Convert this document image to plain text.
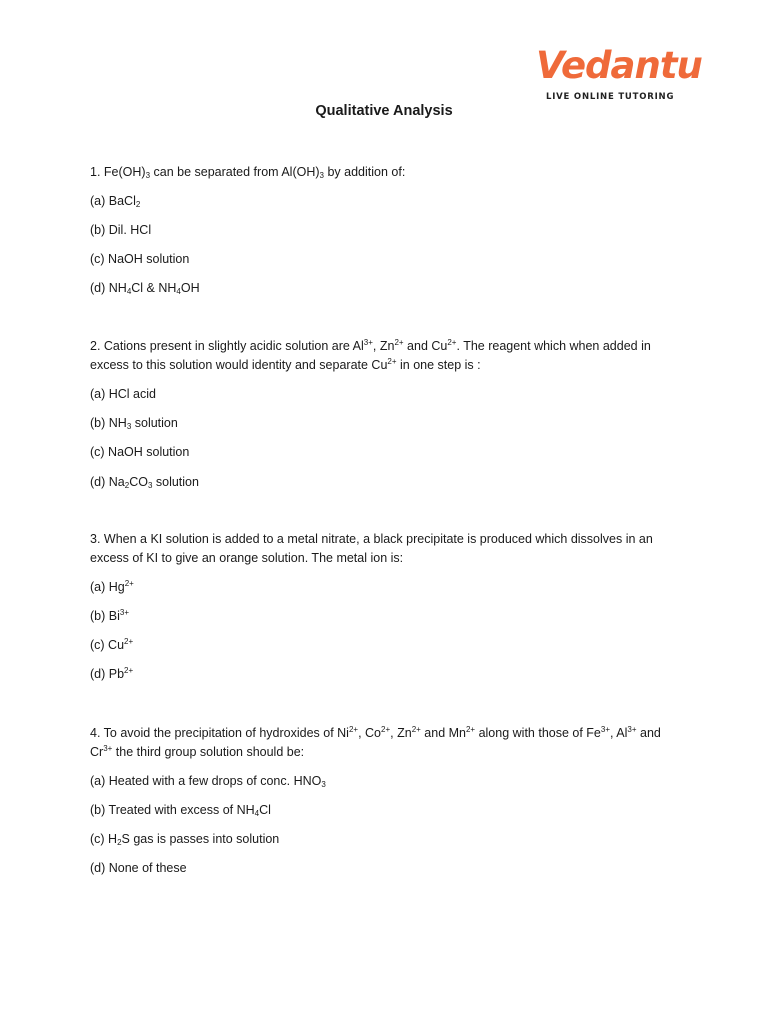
Vedantu
LIVE ONLINE TUTORING
Qualitative Analysis
1. $Fe(OH)_3$ can be separated from $Al(OH)_3$ by addition of:
(a) BaCl$_2$
(b) Dil. HCl
(c) NaOH solution
(d) $NH_4Cl$ & $NH_4OH$
2. Cations present in slightly acidic solution are $Al^{3+}$, $Zn^{2+}$ and $Cu^{2+}$. The reagent which when added in
excess to this solution would identity and separate $Cu^{2+}$ in one step is :
(a) HCl acid
(b) $NH_3$ solution
(c) NaOH solution
(d) $Na_2CO_3$ solution
3. When a KI solution is added to a metal nitrate, a black precipitate is produced which dissolves in an
excess of KI to give an orange solution. The metal ion is:
(a) $Hg^{2+}$
(b) $Bi^{3+}$
(c) $Cu^{2+}$
(d) $Pb^{2+}$
4. To avoid the precipitation of hydroxides of $Ni^{2+}$, $Co^{2+}$, $Zn^{2+}$ and $Mn^{2+}$ along with those of $Fe^{3+}$, $Al^{3+}$ and
$Cr^{3+}$ the third group solution should be:
(a) Heated with a few drops of conc. $HNO_3$
(b) Treated with excess of $NH_4Cl$
(c) $H_2S$ gas is passes into solution
(d) None of these
